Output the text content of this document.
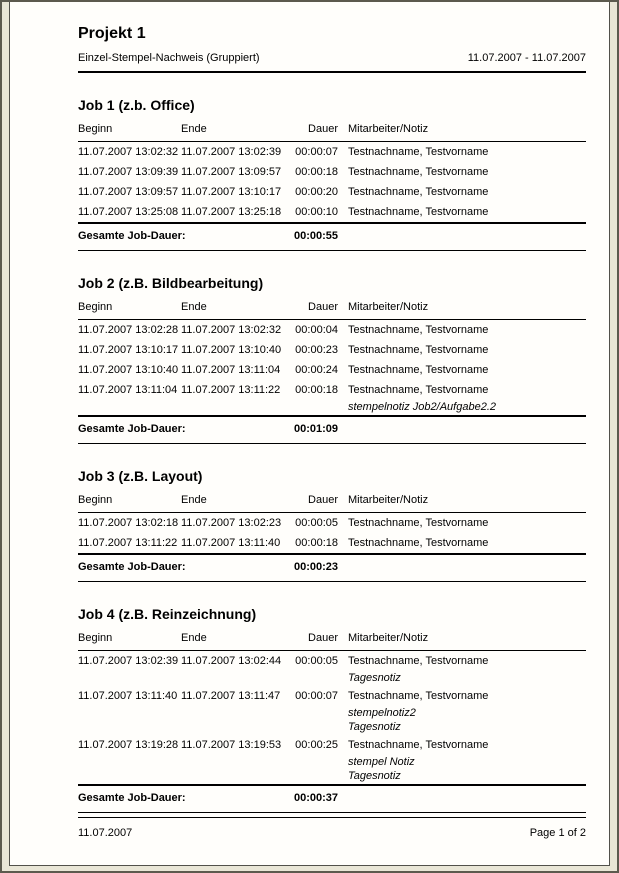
Projekt 1
Einzel-Stempel-Nachweis (Gruppiert)	11.07.2007 - 11.07.2007
Job 1 (z.b. Office)
Beginn	Ende	Dauer	Mitarbeiter/Notiz
11.07.2007 13:02:32	11.07.2007 13:02:39	00:00:07	Testnachname, Testvorname
11.07.2007 13:09:39	11.07.2007 13:09:57	00:00:18	Testnachname, Testvorname
11.07.2007 13:09:57	11.07.2007 13:10:17	00:00:20	Testnachname, Testvorname
11.07.2007 13:25:08	11.07.2007 13:25:18	00:00:10	Testnachname, Testvorname
Gesamte Job-Dauer:		00:00:55	
Job 2 (z.B. Bildbearbeitung)
Beginn	Ende	Dauer	Mitarbeiter/Notiz
11.07.2007 13:02:28	11.07.2007 13:02:32	00:00:04	Testnachname, Testvorname
11.07.2007 13:10:17	11.07.2007 13:10:40	00:00:23	Testnachname, Testvorname
11.07.2007 13:10:40	11.07.2007 13:11:04	00:00:24	Testnachname, Testvorname
11.07.2007 13:11:04	11.07.2007 13:11:22	00:00:18	Testnachname, Testvorname
stempelnotiz Job2/Aufgabe2.2

Gesamte Job-Dauer:		00:01:09	
Job 3 (z.B. Layout)
Beginn	Ende	Dauer	Mitarbeiter/Notiz
11.07.2007 13:02:18	11.07.2007 13:02:23	00:00:05	Testnachname, Testvorname
11.07.2007 13:11:22	11.07.2007 13:11:40	00:00:18	Testnachname, Testvorname
Gesamte Job-Dauer:		00:00:23	
Job 4 (z.B. Reinzeichnung)
Beginn	Ende	Dauer	Mitarbeiter/Notiz
11.07.2007 13:02:39	11.07.2007 13:02:44	00:00:05	Testnachname, Testvorname
Tagesnotiz

11.07.2007 13:11:40	11.07.2007 13:11:47	00:00:07	Testnachname, Testvorname
stempelnotiz2
Tagesnotiz

11.07.2007 13:19:28	11.07.2007 13:19:53	00:00:25	Testnachname, Testvorname
stempel Notiz
Tagesnotiz

Gesamte Job-Dauer:		00:00:37	
11.07.2007	Page 1 of 2
